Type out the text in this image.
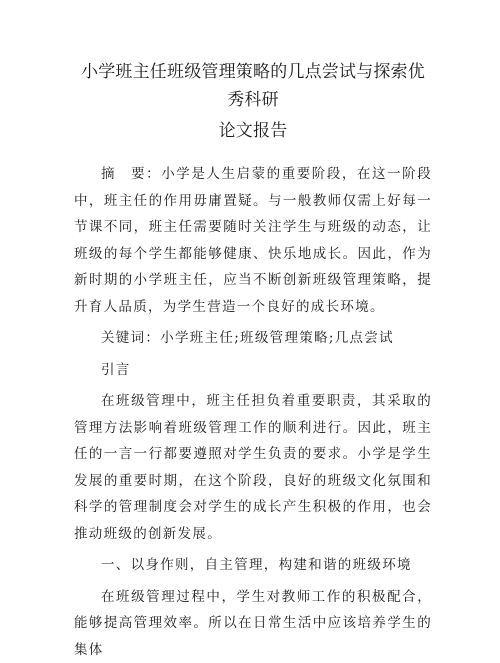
小学班主任班级管理策略的几点尝试与探索优秀科研
论文报告

摘　要：小学是人生启蒙的重要阶段，在这一阶段中，班主任的作用毋庸置疑。与一般教师仅需上好每一节课不同，班主任需要随时关注学生与班级的动态，让班级的每个学生都能够健康、快乐地成长。因此，作为新时期的小学班主任，应当不断创新班级管理策略，提升育人品质，为学生营造一个良好的成长环境。

关键词：小学班主任;班级管理策略;几点尝试

引言

在班级管理中，班主任担负着重要职责，其采取的管理方法影响着班级管理工作的顺利进行。因此，班主任的一言一行都要遵照对学生负责的要求。小学是学生发展的重要时期，在这个阶段，良好的班级文化氛围和科学的管理制度会对学生的成长产生积极的作用，也会推动班级的创新发展。

一、以身作则，自主管理，构建和谐的班级环境

在班级管理过程中，学生对教师工作的积极配合，能够提高管理效率。所以在日常生活中应该培养学生的集体
